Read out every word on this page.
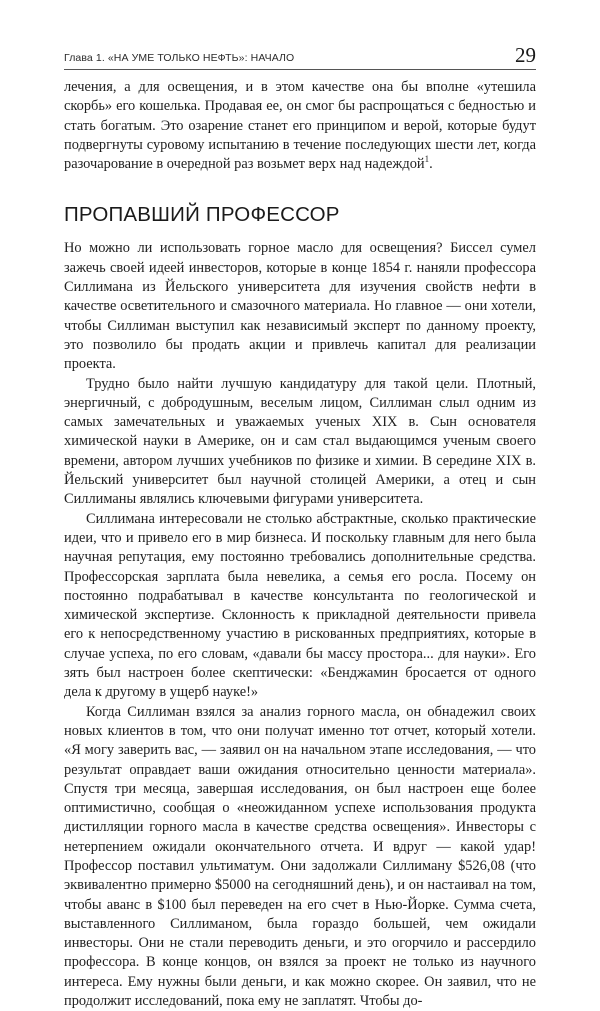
Глава 1. «НА УМЕ ТОЛЬКО НЕФТЬ»: НАЧАЛО	29

лечения, а для освещения, и в этом качестве она бы вполне «утешила скорбь» его кошелька. Продавая ее, он смог бы распрощаться с бедностью и стать богатым. Это озарение станет его принципом и верой, которые будут подвергнуты суровому испытанию в течение последующих шести лет, когда разочарование в очередной раз возьмет верх над надеждой$^1$.

ПРОПАВШИЙ ПРОФЕССОР

Но можно ли использовать горное масло для освещения? Биссел сумел зажечь своей идеей инвесторов, которые в конце 1854 г. наняли профессора Силлимана из Йельского университета для изучения свойств нефти в качестве осветительного и смазочного материала. Но главное — они хотели, чтобы Силлиман выступил как независимый эксперт по данному проекту, это позволило бы продать акции и привлечь капитал для реализации проекта.

Трудно было найти лучшую кандидатуру для такой цели. Плотный, энергичный, с добродушным, веселым лицом, Силлиман слыл одним из самых замечательных и уважаемых ученых XIX в. Сын основателя химической науки в Америке, он и сам стал выдающимся ученым своего времени, автором лучших учебников по физике и химии. В середине XIX в. Йельский университет был научной столицей Америки, а отец и сын Силлиманы являлись ключевыми фигурами университета.

Силлимана интересовали не столько абстрактные, сколько практические идеи, что и привело его в мир бизнеса. И поскольку главным для него была научная репутация, ему постоянно требовались дополнительные средства. Профессорская зарплата была невелика, а семья его росла. Посему он постоянно подрабатывал в качестве консультанта по геологической и химической экспертизе. Склонность к прикладной деятельности привела его к непосредственному участию в рискованных предприятиях, которые в случае успеха, по его словам, «давали бы массу простора... для науки». Его зять был настроен более скептически: «Бенджамин бросается от одного дела к другому в ущерб науке!»

Когда Силлиман взялся за анализ горного масла, он обнадежил своих новых клиентов в том, что они получат именно тот отчет, который хотели. «Я могу заверить вас, — заявил он на начальном этапе исследования, — что результат оправдает ваши ожидания относительно ценности материала». Спустя три месяца, завершая исследования, он был настроен еще более оптимистично, сообщая о «неожиданном успехе использования продукта дистилляции горного масла в качестве средства освещения». Инвесторы с нетерпением ожидали окончательного отчета. И вдруг — какой удар! Профессор поставил ультиматум. Они задолжали Силлиману $526,08 (что эквивалентно примерно $5000 на сегодняшний день), и он настаивал на том, чтобы аванс в $100 был переведен на его счет в Нью-Йорке. Сумма счета, выставленного Силлиманом, была гораздо большей, чем ожидали инвесторы. Они не стали переводить деньги, и это огорчило и рассердило профессора. В конце концов, он взялся за проект не только из научного интереса. Ему нужны были деньги, и как можно скорее. Он заявил, что не продолжит исследований, пока ему не заплатят. Чтобы до-
